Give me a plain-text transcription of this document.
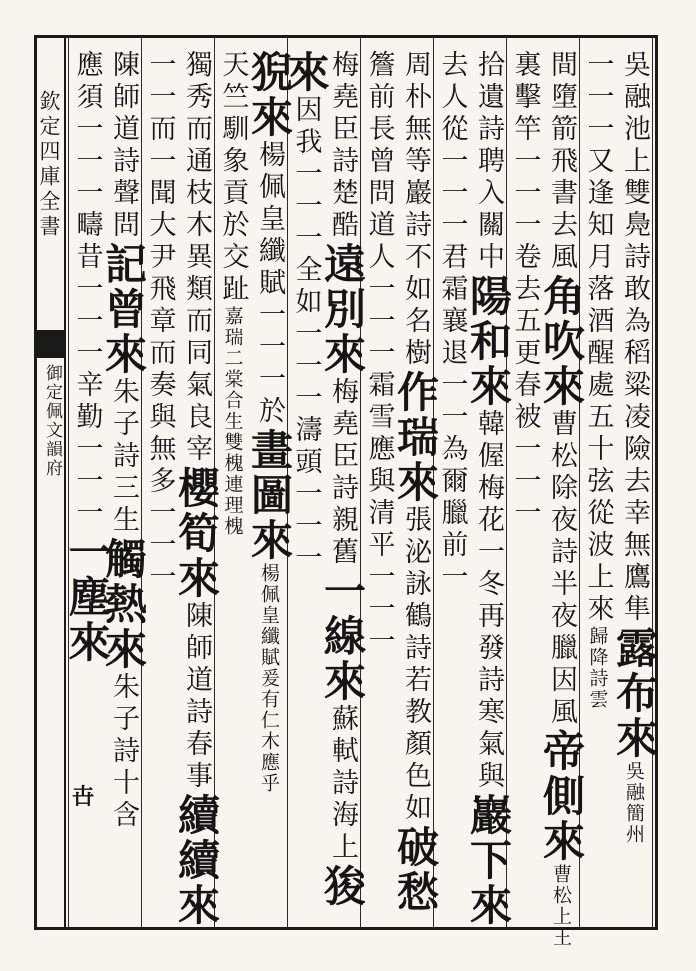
欽定四庫全書
御定佩文韻府
卋
吳融池上雙鳧詩敢為稻粱凌險去幸無鷹隼露布來吳融簡州
一一一又逢知月落酒醒處五十弦從波上來歸降詩雲
間墮箭飛書去風角吹來曹松除夜詩半夜臘因風帝側來曹松上王
裏擊竿一一一卷去五更春被一一一
拾遺詩聘入關中陽和來韓偓梅花一冬再發詩寒氣與巖下來
去人從一一一君霜襄退一一為爾臘前一
周朴無等巖詩不如名樹作瑞來張泌詠鶴詩若教顏色如破愁
簷前長曾問道人一一一霜雪應與清平一一一
梅堯臣詩楚酷遠別來梅堯臣詩親舊一線來蘇軾詩海上狻
來因我一一一全如一一一濤頭一一一
猊來楊佩皇纖賦一一一於畫圖來楊佩皇纖賦爰有仁木應乎
天竺馴象貢於交趾嘉瑞二棠合生雙槐連理槐
獨秀而通枝木異類而同氣良宰櫻筍來陳師道詩春事續續來
一一而一聞大尹飛章而奏與無多一一一
陳師道詩聲問記曾來朱子詩三生觸熱來朱子詩十含
應須一一一疇昔一一一辛勤一一一一塵來
